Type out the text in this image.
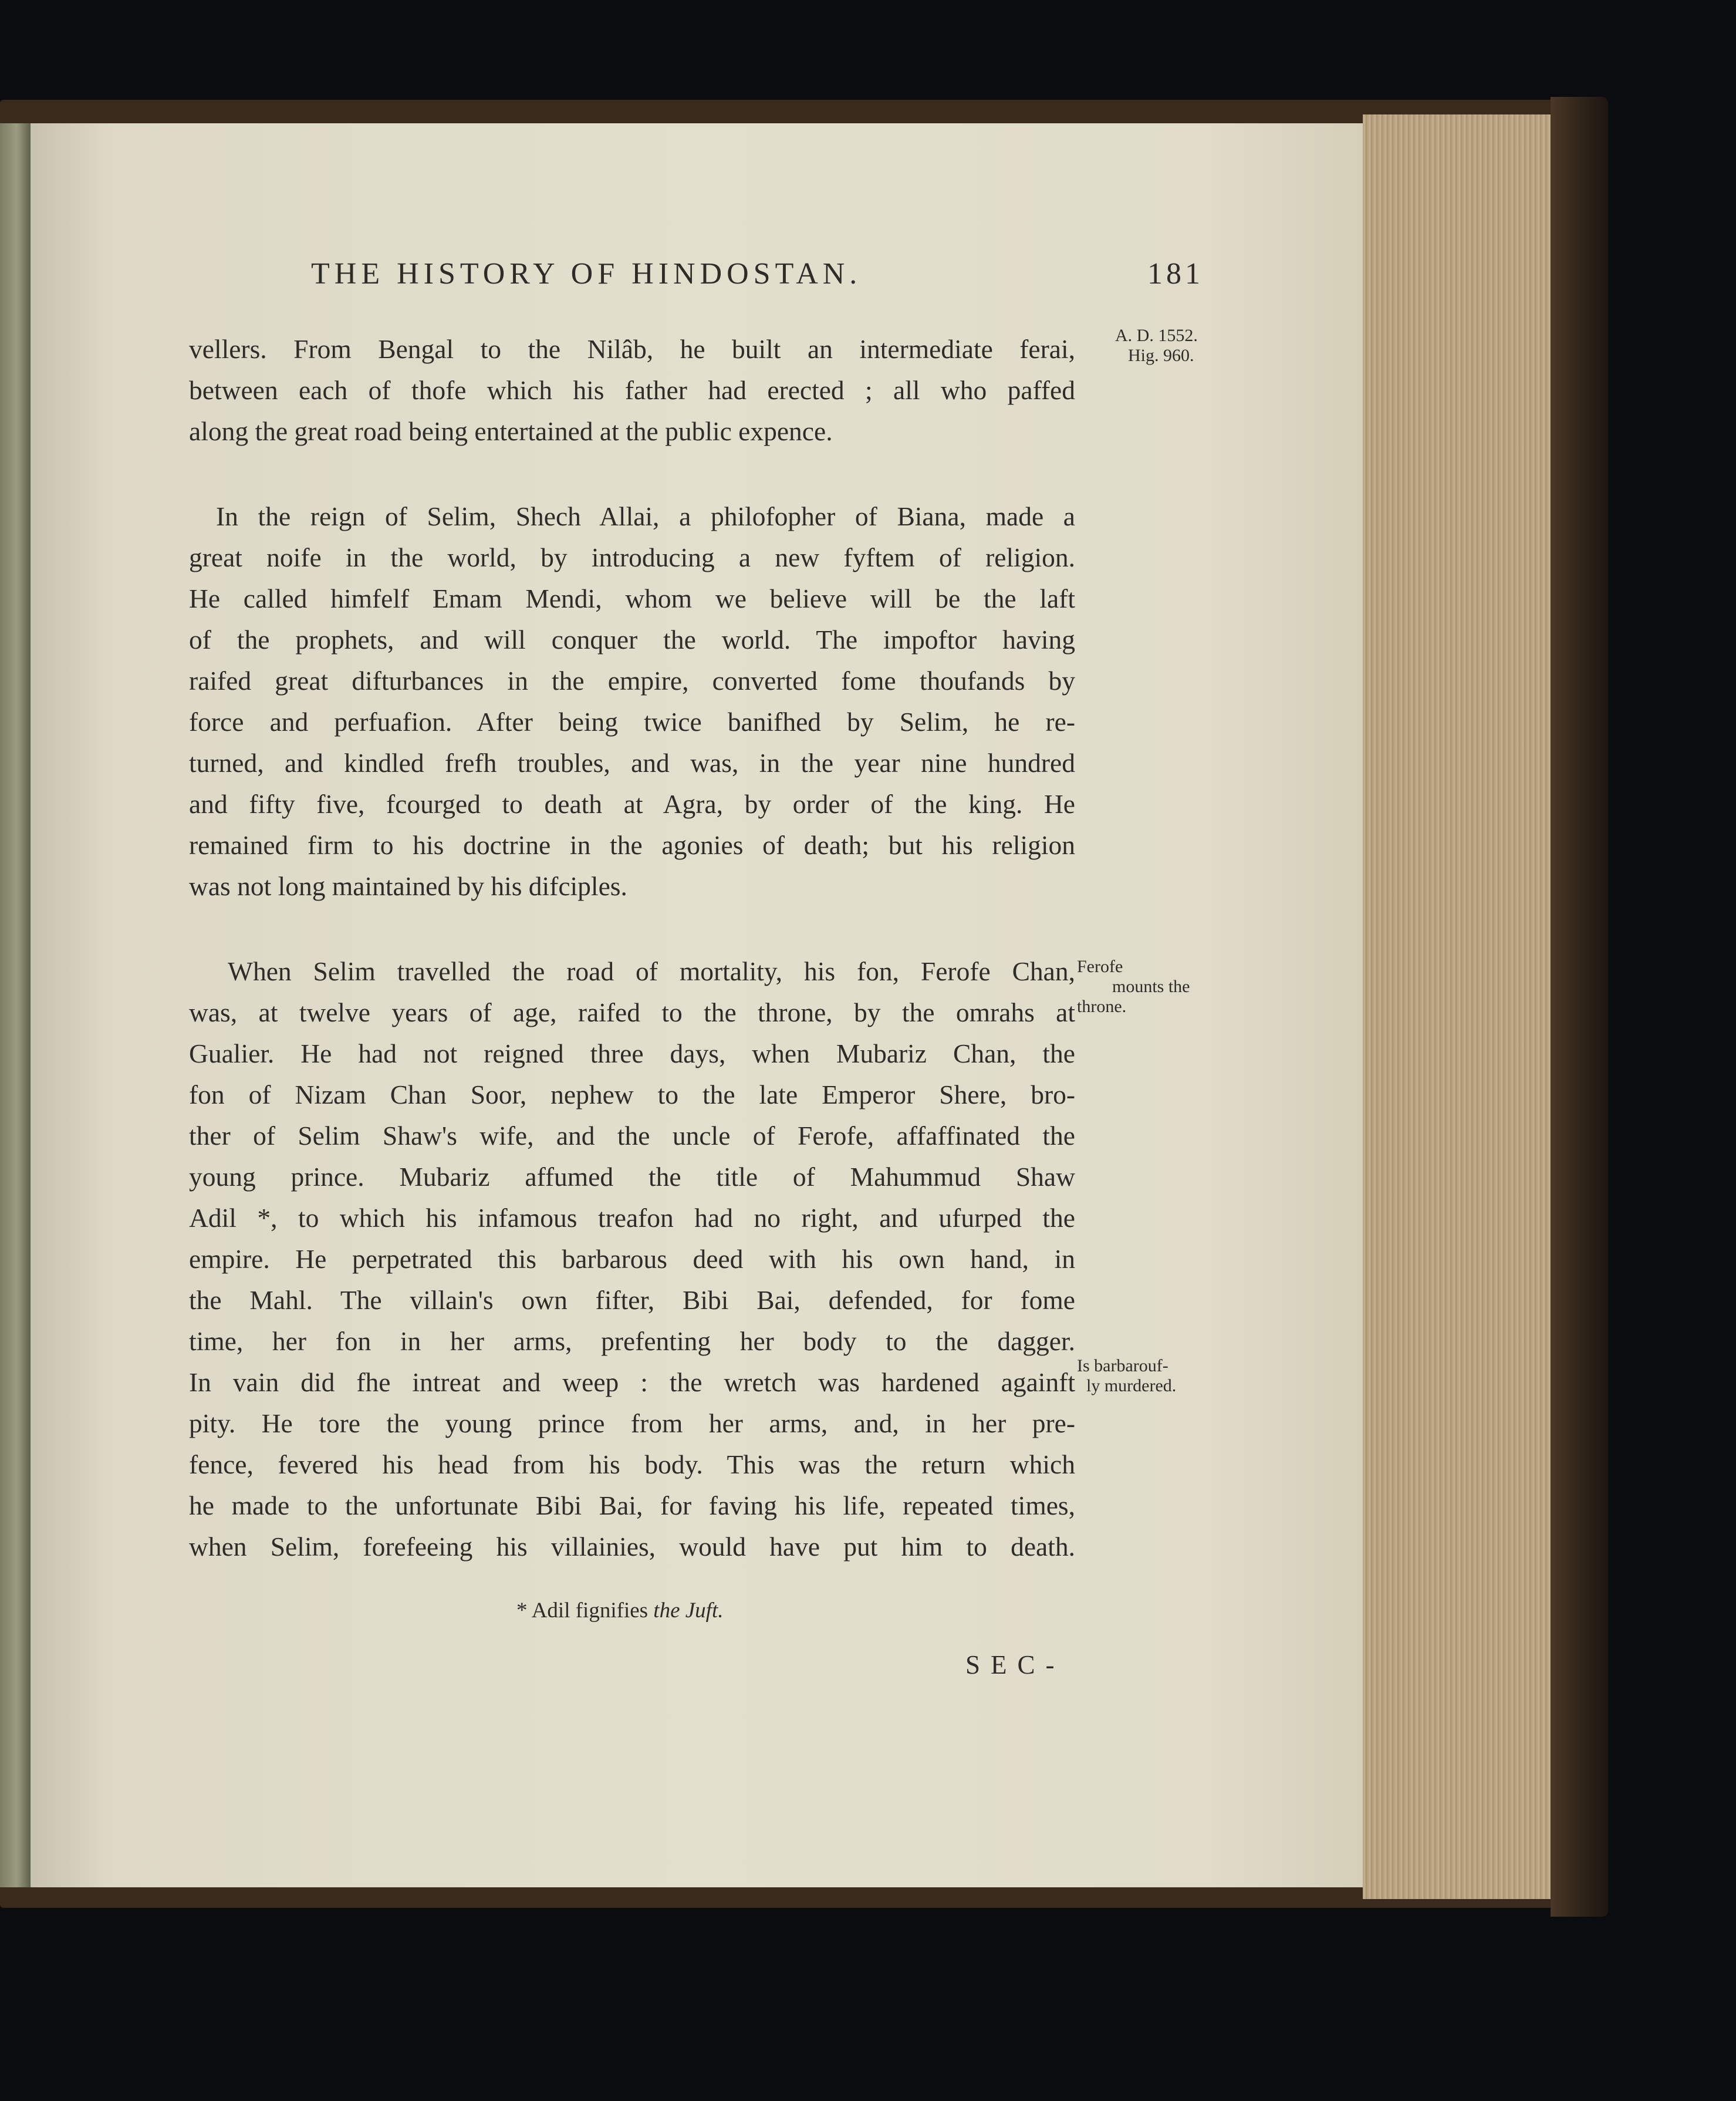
THE HISTORY OF HINDOSTAN.	181
A. D. 1552.
Hig. 960.
vellers. From Bengal to the Nilâb, he built an intermediate ferai,
between each of thofe which his father had erected ; all who paffed
along the great road being entertained at the public expence.
In the reign of Selim, Shech Allai, a philofopher of Biana, made a
great noife in the world, by introducing a new fyftem of religion.
He called himfelf Emam Mendi, whom we believe will be the laft
of the prophets, and will conquer the world. The impoftor having
raifed great difturbances in the empire, converted fome thoufands by
force and perfuafion. After being twice banifhed by Selim, he re-
turned, and kindled frefh troubles, and was, in the year nine hundred
and fifty five, fcourged to death at Agra, by order of the king. He
remained firm to his doctrine in the agonies of death; but his religion
was not long maintained by his difciples.
When Selim travelled the road of mortality, his fon, Ferofe Chan,
was, at twelve years of age, raifed to the throne, by the omrahs at
Gualier. He had not reigned three days, when Mubariz Chan, the
fon of Nizam Chan Soor, nephew to the late Emperor Shere, bro-
ther of Selim Shaw's wife, and the uncle of Ferofe, affaffinated the
young prince. Mubariz affumed the title of Mahummud Shaw
Adil *, to which his infamous treafon had no right, and ufurped the
empire. He perpetrated this barbarous deed with his own hand, in
the Mahl. The villain's own fifter, Bibi Bai, defended, for fome
time, her fon in her arms, prefenting her body to the dagger.
In vain did fhe intreat and weep : the wretch was hardened againft
pity. He tore the young prince from her arms, and, in her pre-
fence, fevered his head from his body. This was the return which
he made to the unfortunate Bibi Bai, for faving his life, repeated times,
when Selim, forefeeing his villainies, would have put him to death.
Ferofe
mounts the
throne.
Is barbarouf-
ly murdered.
* Adil fignifies the Juft.
SEC-
